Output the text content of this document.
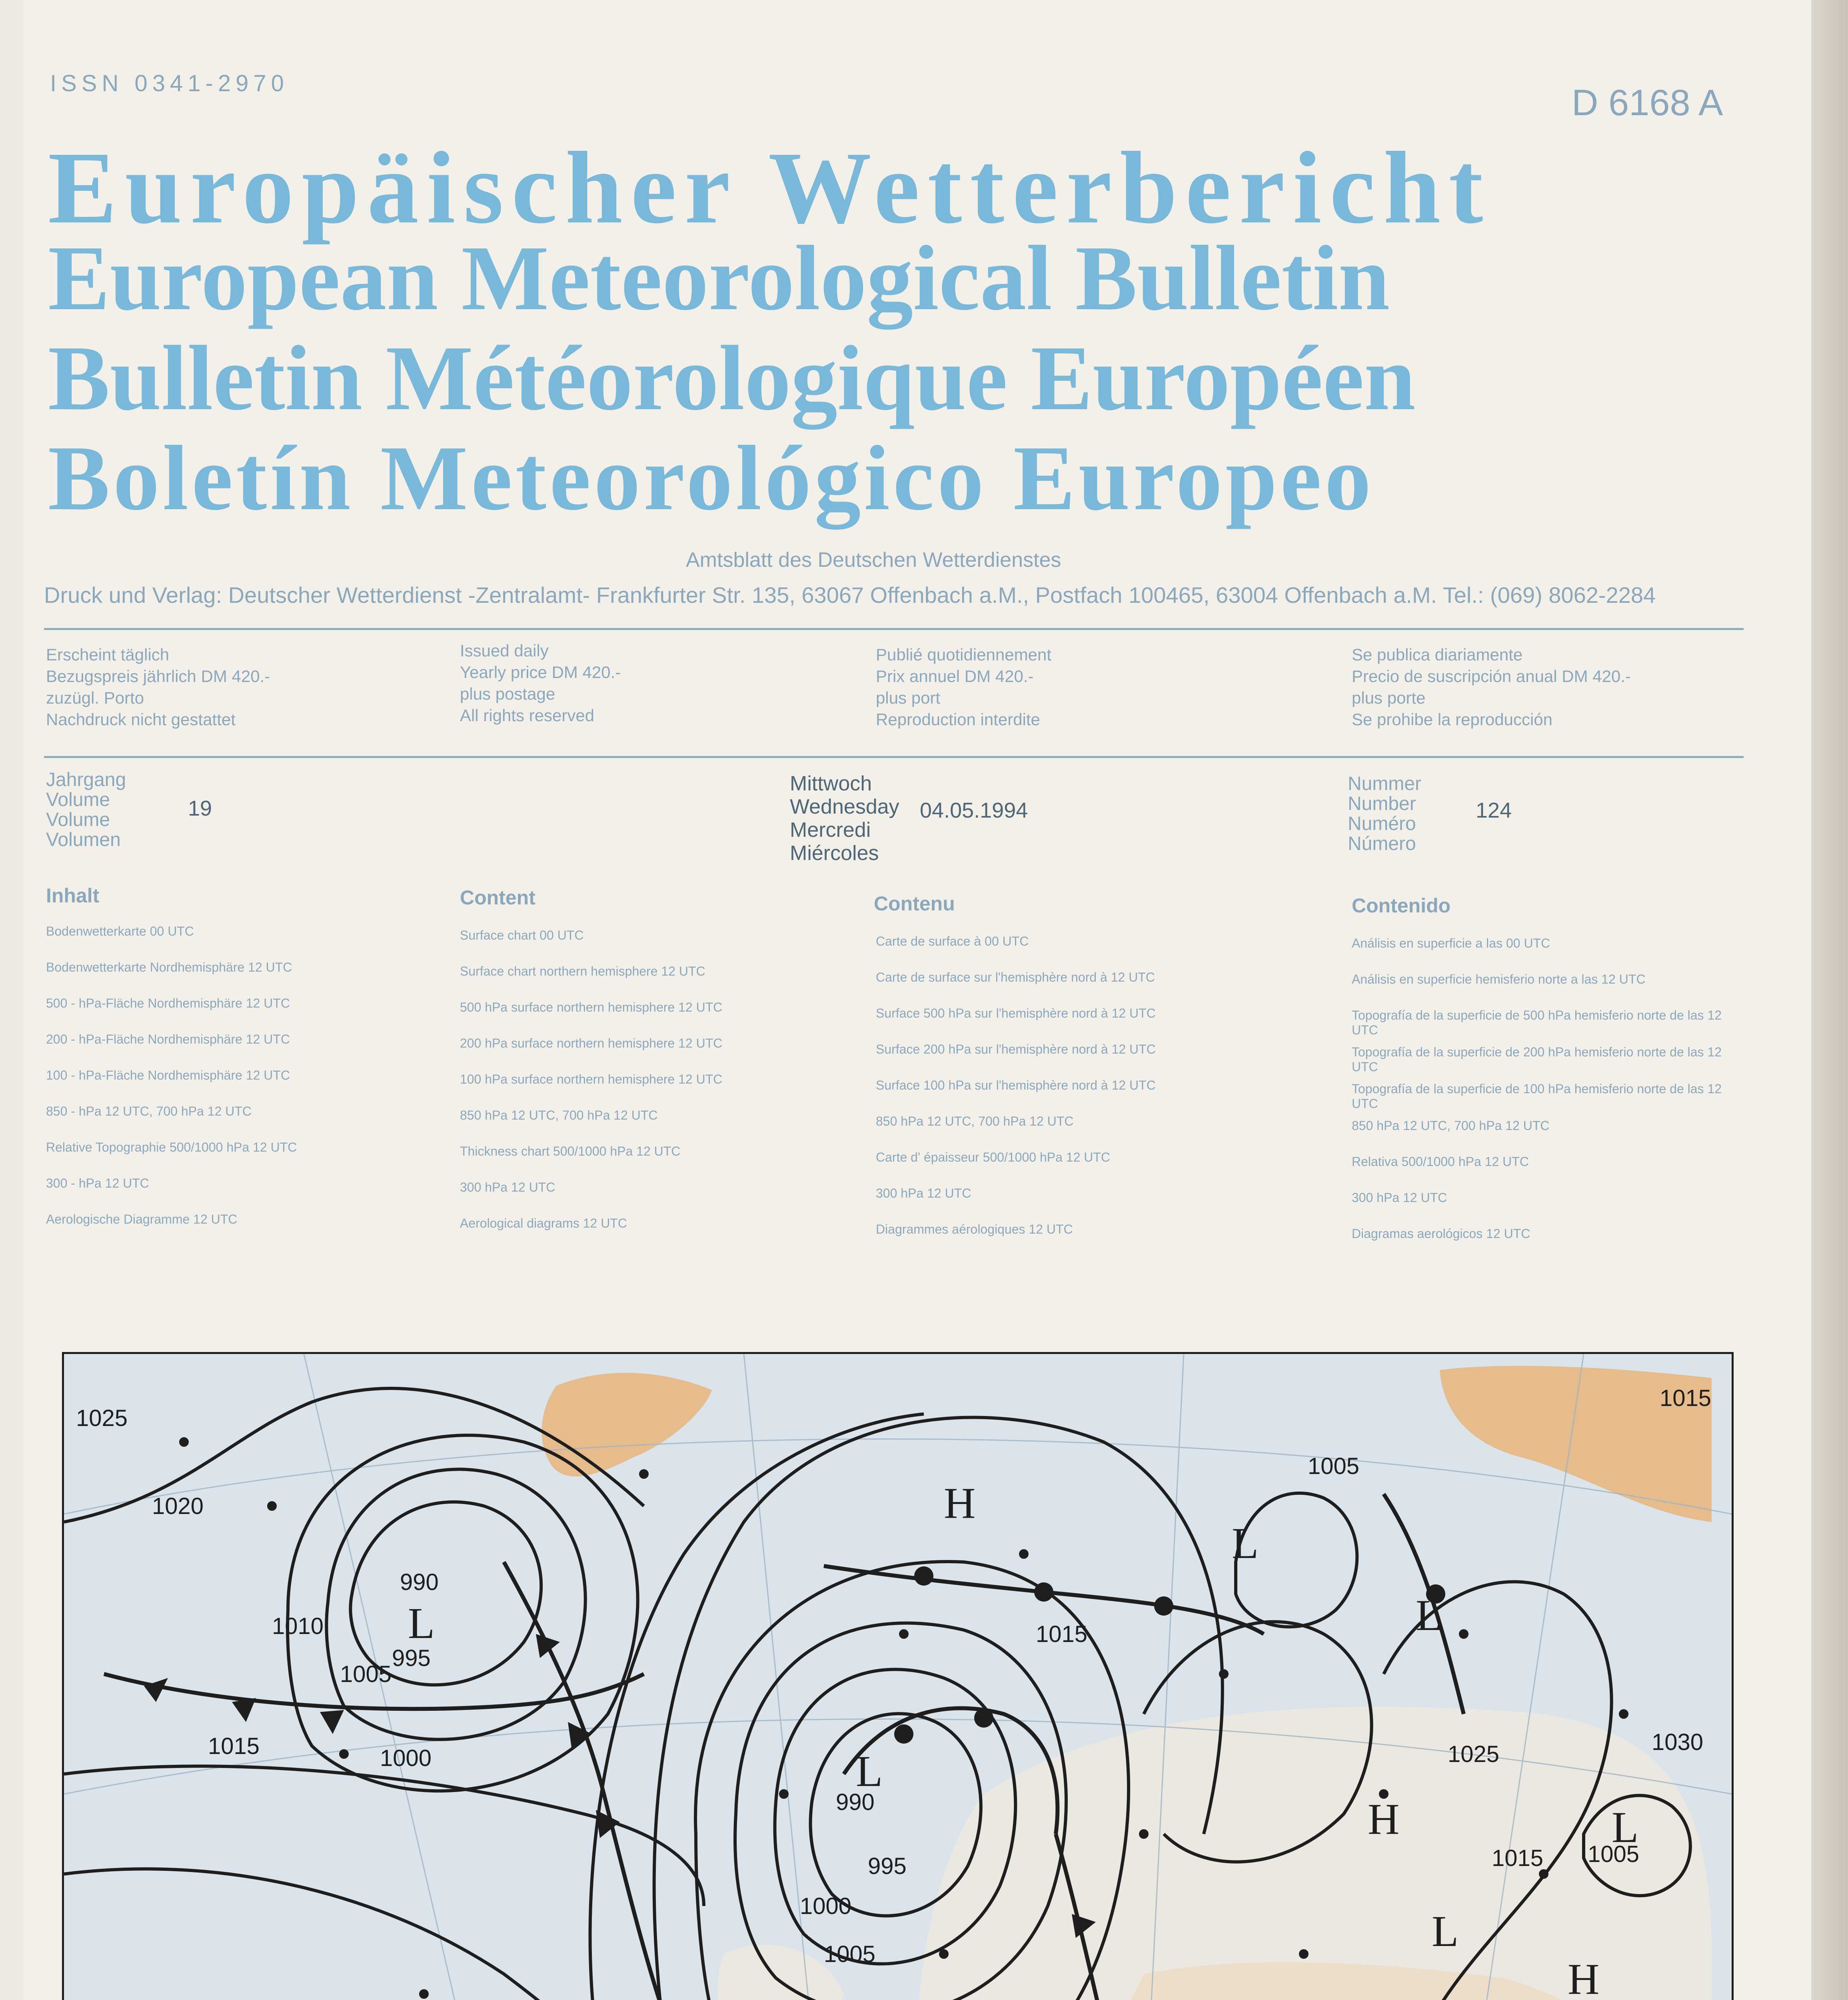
ISSN 0341-2970	D 6168 A
Europäischer Wetterbericht
European Meteorological Bulletin
Bulletin Météorologique Européen
Boletín Meteorológico Europeo
Amtsblatt des Deutschen Wetterdienstes
Druck und Verlag: Deutscher Wetterdienst -Zentralamt- Frankfurter Str. 135, 63067 Offenbach a.M., Postfach 100465, 63004 Offenbach a.M. Tel.: (069) 8062-2284
Erscheint täglich
Bezugspreis jährlich DM 420.-
zuzügl. Porto
Nachdruck nicht gestattet
Issued daily
Yearly price DM 420.-
plus postage
All rights reserved
Publié quotidiennement
Prix annuel DM 420.-
plus port
Reproduction interdite
Se publica diariamente
Precio de suscripción anual DM 420.-
plus porte
Se prohibe la reproducción
Jahrgang
Volume
Volume
Volumen
19
Mittwoch
Wednesday
Mercredi
Miércoles
04.05.1994
Nummer
Number
Numéro
Número
124
Inhalt
Bodenwetterkarte 00 UTC
Bodenwetterkarte Nordhemisphäre 12 UTC
500 - hPa-Fläche Nordhemisphäre 12 UTC
200 - hPa-Fläche Nordhemisphäre 12 UTC
100 - hPa-Fläche Nordhemisphäre 12 UTC
850 - hPa 12 UTC, 700 hPa 12 UTC
Relative Topographie 500/1000 hPa 12 UTC
300 - hPa 12 UTC
Aerologische Diagramme 12 UTC
Content
Surface chart 00 UTC
Surface chart northern hemisphere 12 UTC
500 hPa surface northern hemisphere 12 UTC
200 hPa surface northern hemisphere 12 UTC
100 hPa surface northern hemisphere 12 UTC
850 hPa 12 UTC, 700 hPa 12 UTC
Thickness chart 500/1000 hPa 12 UTC
300 hPa 12 UTC
Aerological diagrams 12 UTC
Contenu
Carte de surface à 00 UTC
Carte de surface sur l'hemisphère nord à 12 UTC
Surface 500 hPa sur l'hemisphère nord à 12 UTC
Surface 200 hPa sur l'hemisphère nord à 12 UTC
Surface 100 hPa sur l'hemisphère nord à 12 UTC
850 hPa 12 UTC, 700 hPa 12 UTC
Carte d' épaisseur 500/1000 hPa 12 UTC
300 hPa 12 UTC
Diagrammes aérologiques 12 UTC
Contenido
Análisis en superficie a las 00 UTC
Análisis en superficie hemisferio norte a las 12 UTC
Topografía de la superficie de 500 hPa hemisferio norte de las 12 UTC
Topografía de la superficie de 200 hPa hemisferio norte de las 12 UTC
Topografía de la superficie de 100 hPa hemisferio norte de las 12 UTC
850 hPa 12 UTC, 700 hPa 12 UTC
Relativa 500/1000 hPa 12 UTC
300 hPa 12 UTC
Diagramas aerológicos 12 UTC
1025
1020
1010
1005
1015	1000
990
995
990
995
1000
1005
1015
1015
1005
1030
1025
1015 1005
L
L
H
L
L
H
L
H
L
